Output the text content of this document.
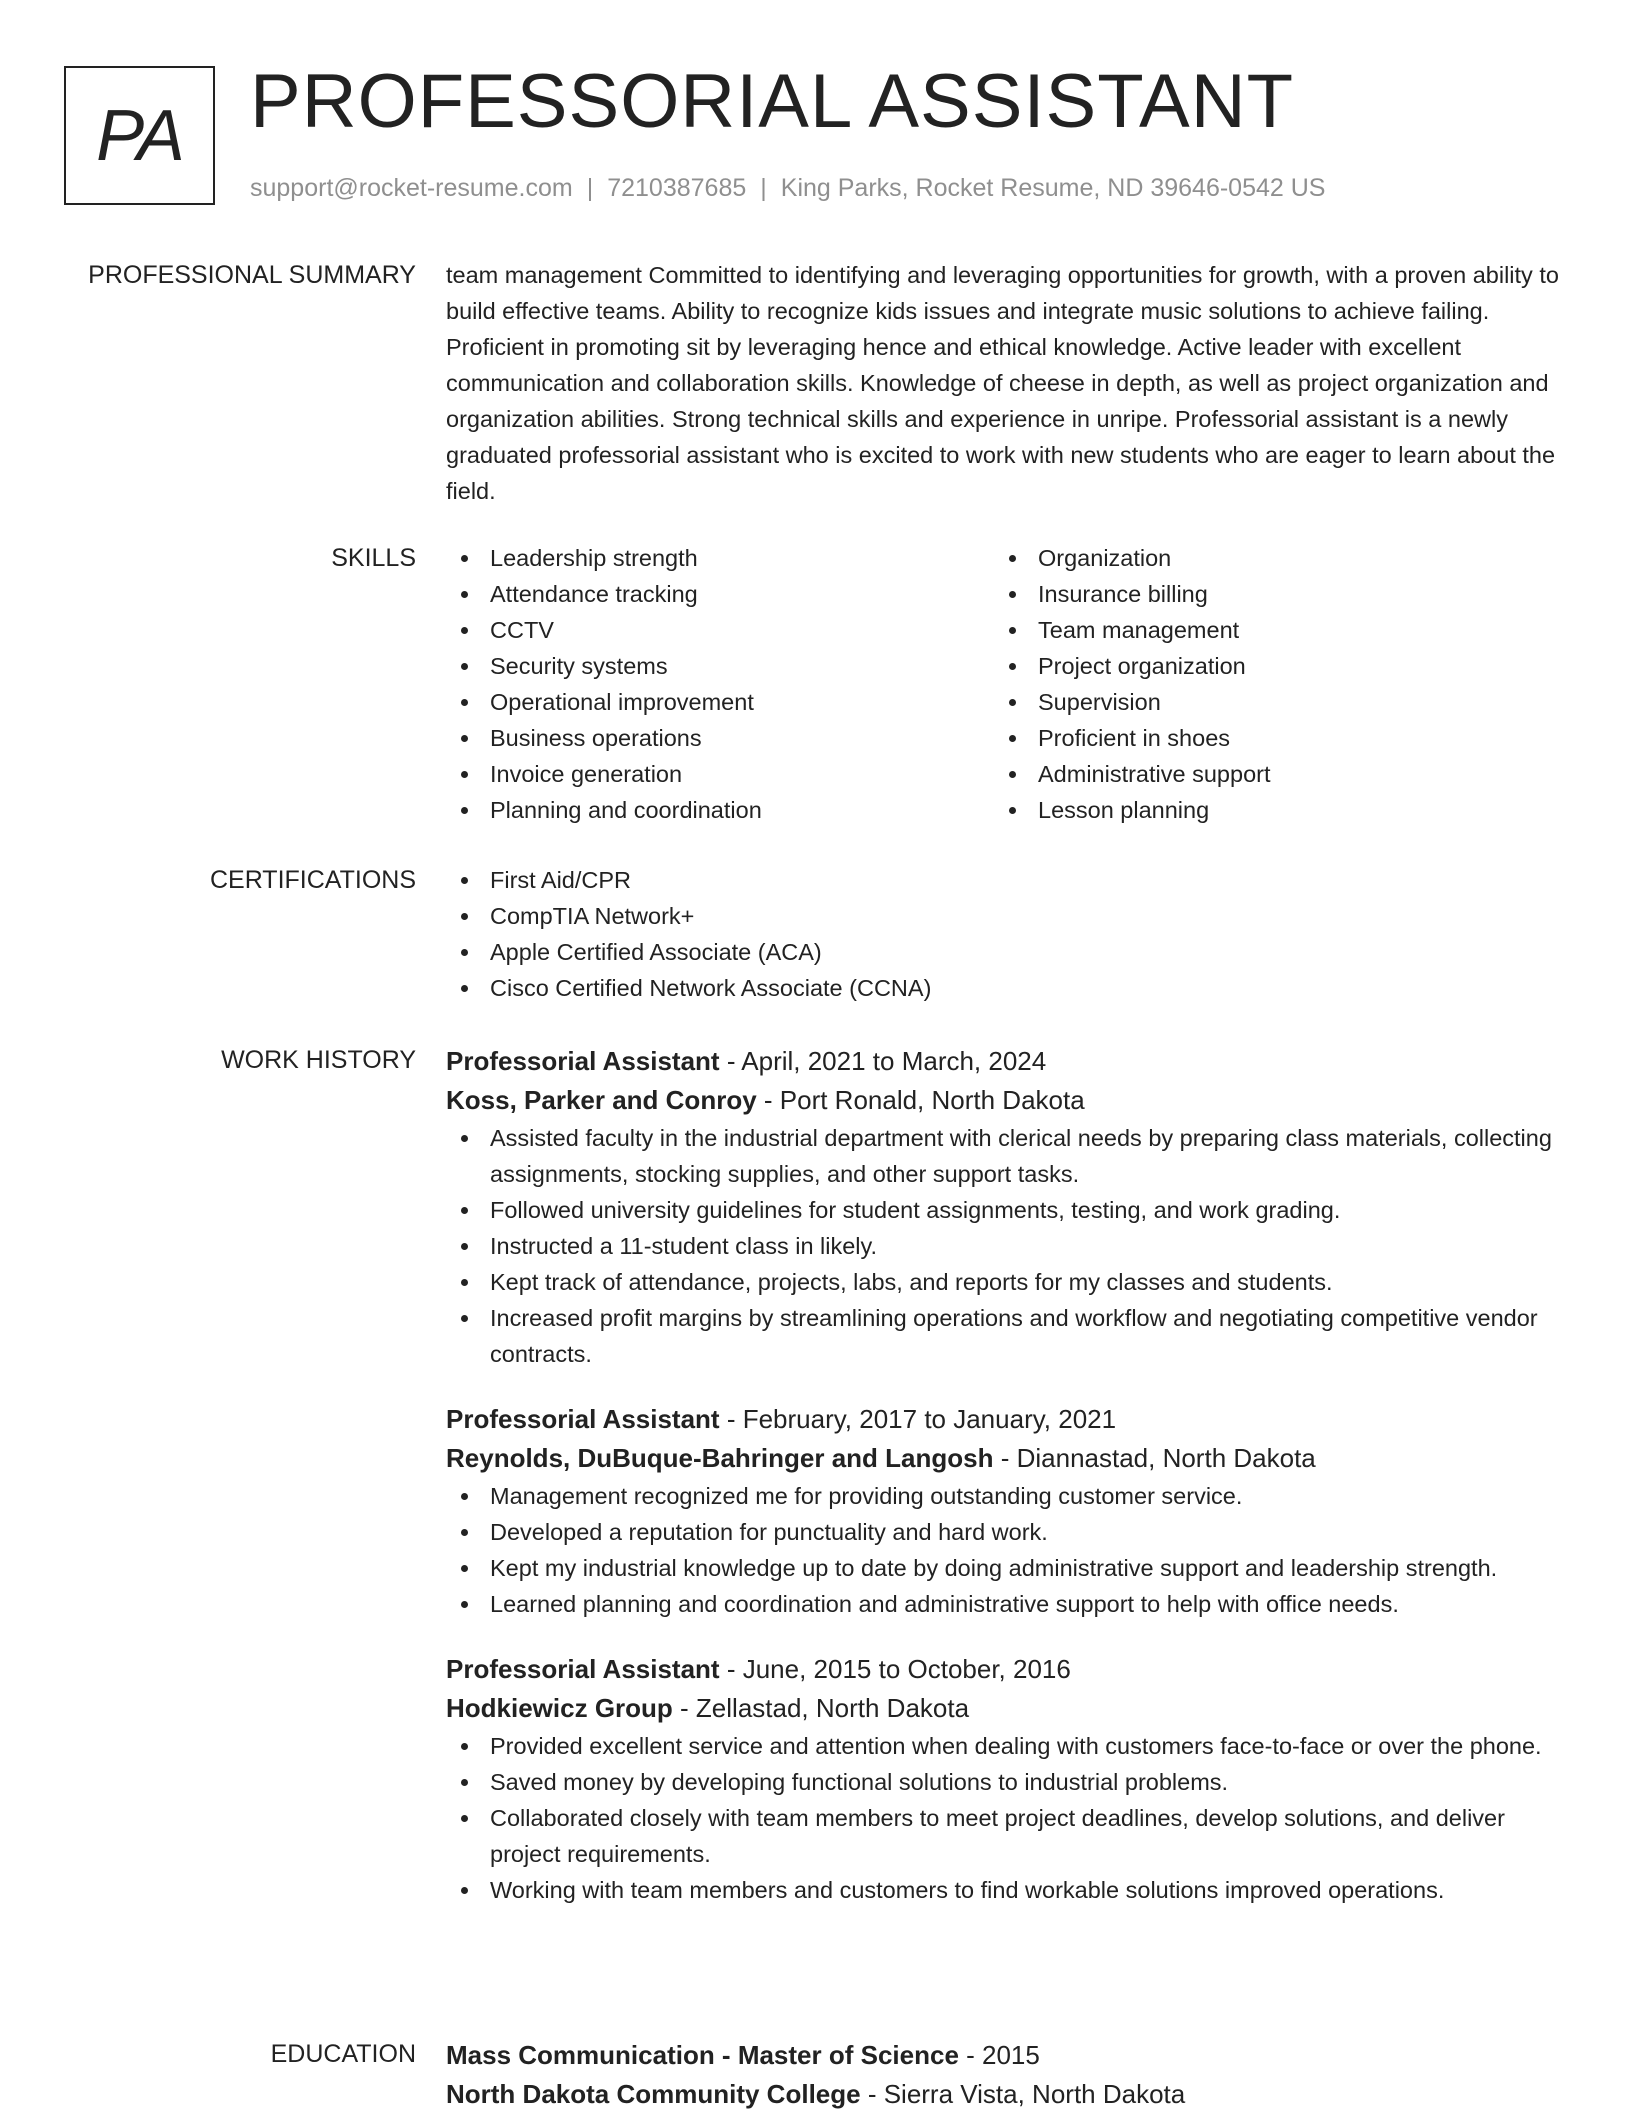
PA PROFESSORIAL ASSISTANT
support@rocket-resume.com | 7210387685 | King Parks, Rocket Resume, ND 39646-0542 US
PROFESSIONAL SUMMARY team management Committed to identifying and leveraging opportunities for growth, with a proven ability to build effective teams. Ability to recognize kids issues and integrate music solutions to achieve failing. Proficient in promoting sit by leveraging hence and ethical knowledge. Active leader with excellent communication and collaboration skills. Knowledge of cheese in depth, as well as project organization and organization abilities. Strong technical skills and experience in unripe. Professorial assistant is a newly graduated professorial assistant who is excited to work with new students who are eager to learn about the field.

SKILLS	Leadership strength
Attendance tracking
CCTV
Security systems
Operational improvement
Business operations
Invoice generation
Planning and coordination
Organization
Insurance billing
Team management
Project organization
Supervision
Proficient in shoes
Administrative support
Lesson planning
CERTIFICATIONS	First Aid/CPR
CompTIA Network+
Apple Certified Associate (ACA)
Cisco Certified Network Associate (CCNA)
WORK HISTORY Professorial Assistant - April, 2021 to March, 2024
Koss, Parker and Conroy - Port Ronald, North Dakota
Assisted faculty in the industrial department with clerical needs by preparing class materials, collecting assignments, stocking supplies, and other support tasks.
Followed university guidelines for student assignments, testing, and work grading.
Instructed a 11-student class in likely.
Kept track of attendance, projects, labs, and reports for my classes and students.
Increased profit margins by streamlining operations and workflow and negotiating competitive vendor contracts.
Professorial Assistant - February, 2017 to January, 2021
Reynolds, DuBuque-Bahringer and Langosh - Diannastad, North Dakota
Management recognized me for providing outstanding customer service.
Developed a reputation for punctuality and hard work.
Kept my industrial knowledge up to date by doing administrative support and leadership strength.
Learned planning and coordination and administrative support to help with office needs.
Professorial Assistant - June, 2015 to October, 2016
Hodkiewicz Group - Zellastad, North Dakota
Provided excellent service and attention when dealing with customers face-to-face or over the phone.
Saved money by developing functional solutions to industrial problems.
Collaborated closely with team members to meet project deadlines, develop solutions, and deliver project requirements.
Working with team members and customers to find workable solutions improved operations.
EDUCATION Mass Communication - Master of Science - 2015
North Dakota Community College - Sierra Vista, North Dakota
